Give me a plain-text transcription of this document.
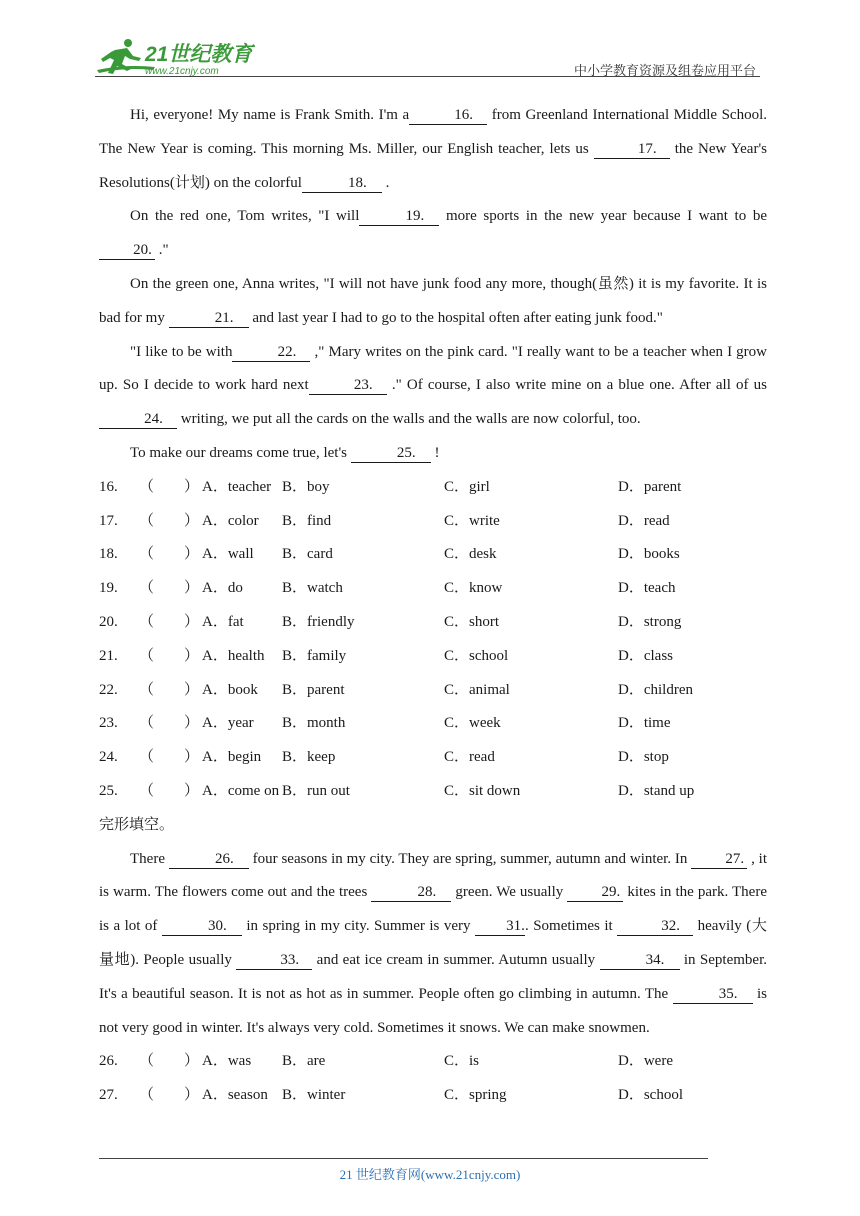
21世纪教育
www.21cnjy.com	中小学教育资源及组卷应用平台

Hi, everyone! My name is Frank Smith. I'm a	16. from Greenland International Middle School. The New Year is coming. This morning Ms. Miller, our English teacher, lets us	17. the New Year's Resolutions(计划) on the colorful	18. .

On the red one, Tom writes, "I will	19. more sports in the new year because I want to be 20. ."

On the green one, Anna writes, "I will not have junk food any more, though(虽然) it is my favorite. It is bad for my	21. and last year I had to go to the hospital often after eating junk food."

"I like to be with	22. ," Mary writes on the pink card. "I really want to be a teacher when I grow up. So I decide to work hard next	23. ." Of course, I also write mine on a blue one. After all of us 24. writing, we put all the cards on the walls and the walls are now colorful, too.

To make our dreams come true, let's	25. !

16. （　　） A．teacher B．boy	C．girl	D．parent
17. （　　） A．color B．find	C．write	D．read
18. （　　） A．wall B．card	C．desk	D．books
19. （　　） A．do	B．watch	C．know	D．teach
20. （　　） A．fat	B．friendly	C．short	D．strong
21. （　　） A．health B．family	C．school	D．class
22. （　　） A．book B．parent	C．animal	D．children
23. （　　） A．year B．month	C．week	D．time
24. （　　） A．begin B．keep	C．read	D．stop
25. （　　） A．come on B．run out	C．sit down	D．stand up

完形填空。

There	26. four seasons in my city. They are spring, summer, autumn and winter. In 27. , it is warm. The flowers come out and the trees	28. green. We usually 29. kites in the park. There is a lot of	30. in spring in my city. Summer is very 31.. Sometimes it	32. heavily (大量地). People usually	33. and eat ice cream in summer. Autumn usually	34. in September. It's a beautiful season. It is not as hot as in summer. People often go climbing in autumn. The	35. is not very good in winter. It's always very cold. Sometimes it snows. We can make snowmen.

26. （　　） A．was B．are	C．is	D．were
27. （　　） A．season B．winter	C．spring	D．school
21 世纪教育网(www.21cnjy.com)
